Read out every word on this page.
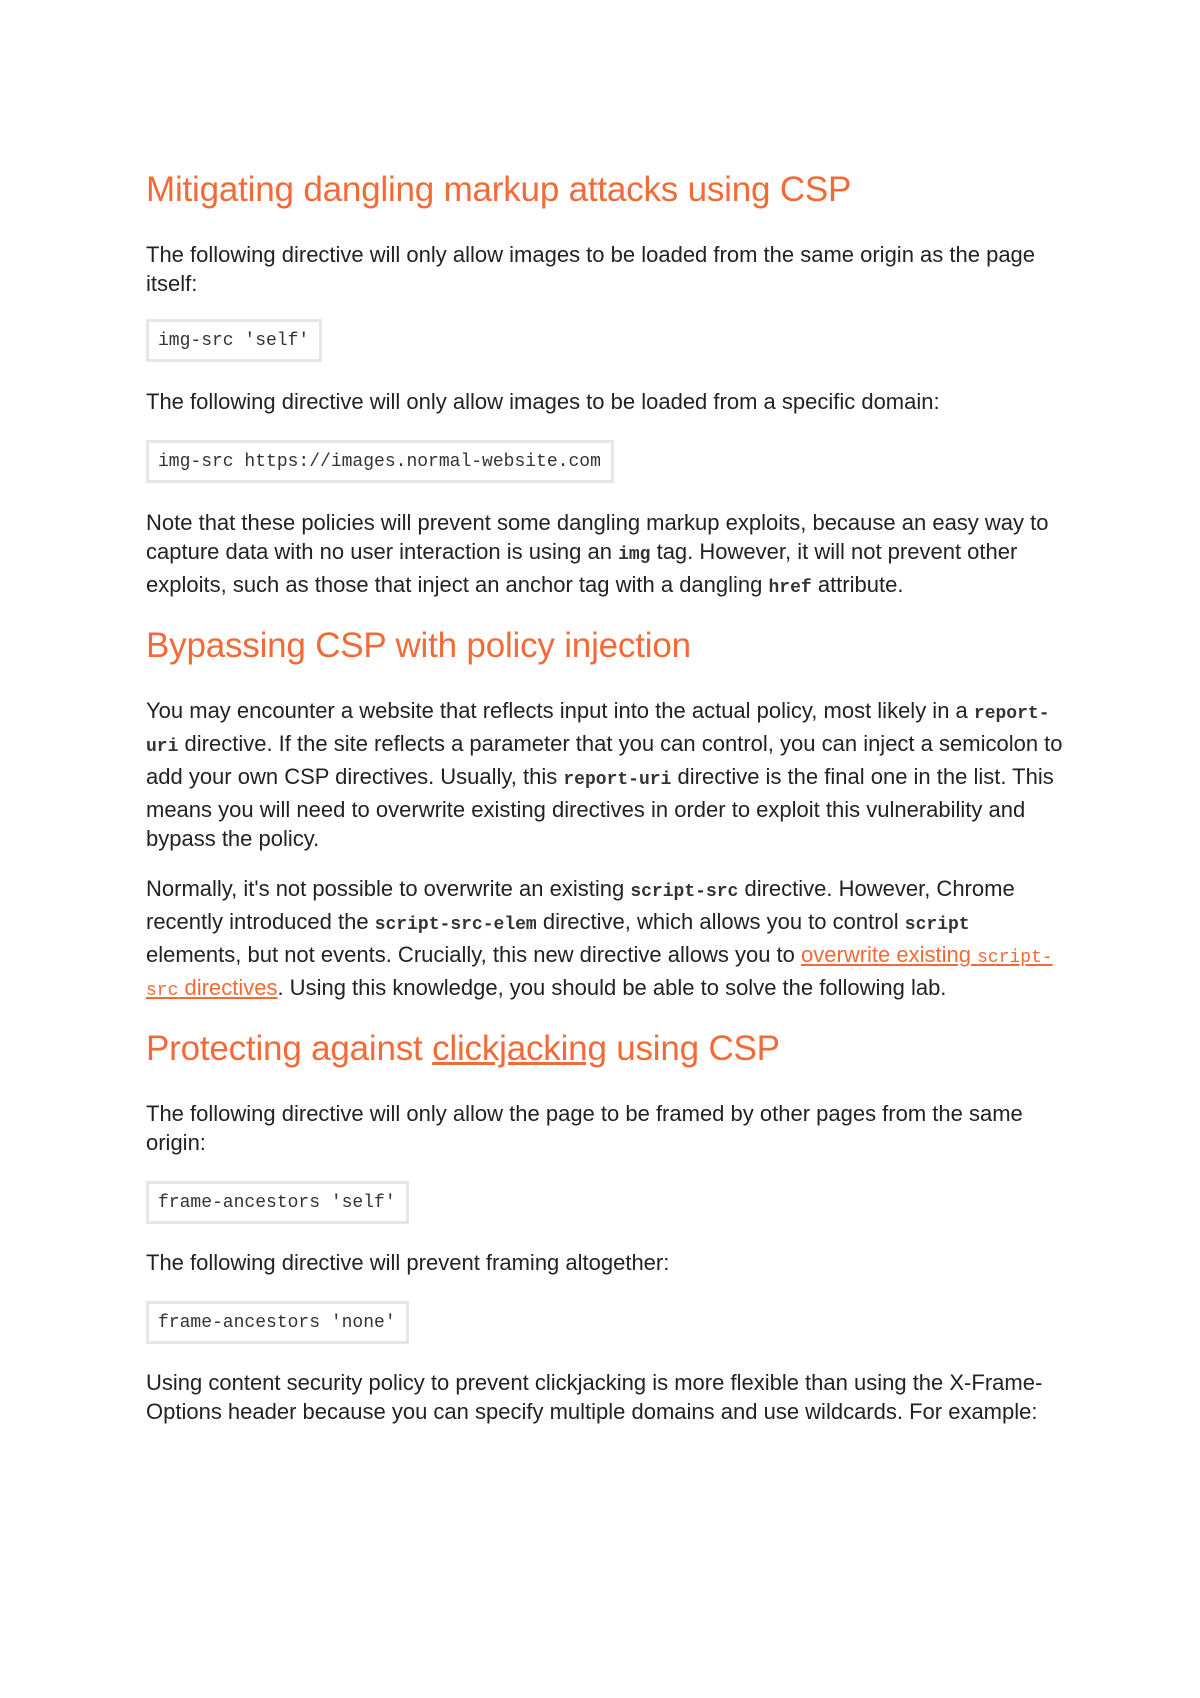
Mitigating dangling markup attacks using CSP

The following directive will only allow images to be loaded from the same origin as the page itself:

img-src 'self'

The following directive will only allow images to be loaded from a specific domain:

img-src https://images.normal-website.com

Note that these policies will prevent some dangling markup exploits, because an easy way to capture data with no user interaction is using an img tag. However, it will not prevent other exploits, such as those that inject an anchor tag with a dangling href attribute.

Bypassing CSP with policy injection

You may encounter a website that reflects input into the actual policy, most likely in a report-uri directive. If the site reflects a parameter that you can control, you can inject a semicolon to add your own CSP directives. Usually, this report-uri directive is the final one in the list. This means you will need to overwrite existing directives in order to exploit this vulnerability and bypass the policy.

Normally, it's not possible to overwrite an existing script-src directive. However, Chrome recently introduced the script-src-elem directive, which allows you to control script elements, but not events. Crucially, this new directive allows you to overwrite existing script-src directives. Using this knowledge, you should be able to solve the following lab.

Protecting against clickjacking using CSP

The following directive will only allow the page to be framed by other pages from the same origin:

frame-ancestors 'self'

The following directive will prevent framing altogether:

frame-ancestors 'none'

Using content security policy to prevent clickjacking is more flexible than using the X-Frame-Options header because you can specify multiple domains and use wildcards. For example:
